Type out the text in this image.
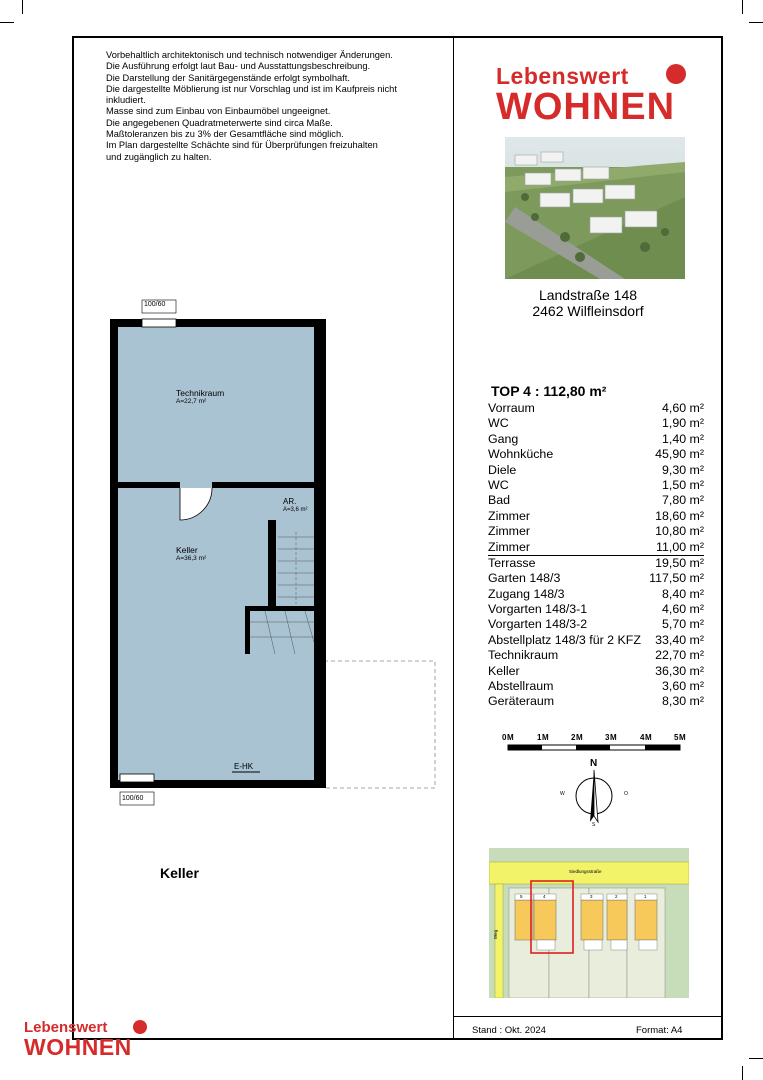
Vorbehaltlich architektonisch und technisch notwendiger Änderungen.
Die Ausführung erfolgt laut Bau- und Ausstattungsbeschreibung.
Die Darstellung der Sanitärgegenstände erfolgt symbolhaft.
Die dargestellte Möblierung ist nur Vorschlag und ist im Kaufpreis nicht
inkludiert.
Masse sind zum Einbau von Einbaumöbel ungeeignet.
Die angegebenen Quadratmeterwerte sind circa Maße.
Maßtoleranzen bis zu 3% der Gesamtfläche sind möglich.
Im Plan dargestellte Schächte sind für Überprüfungen freizuhalten
und zugänglich zu halten.
Lebenswert
WOHNEN
Landstraße 148
2462 Wilfleinsdorf
TOP 4 : 112,80 m²
Vorraum	4,60 m²
WC	1,90 m²
Gang	1,40 m²
Wohnküche	45,90 m²
Diele	9,30 m²
WC	1,50 m²
Bad	7,80 m²
Zimmer	18,60 m²
Zimmer	10,80 m²
Zimmer	11,00 m²
Terrasse	19,50 m²
Garten 148/3	117,50 m²
Zugang 148/3	8,40 m²
Vorgarten 148/3-1	4,60 m²
Vorgarten 148/3-2	5,70 m²
Abstellplatz 148/3 für 2 KFZ 33,40 m²
Technikraum	22,70 m²
Keller	36,30 m²
Abstellraum	3,60 m²
Geräteraum	8,30 m²
0M	1M	2M	3M	4M	5M
N
W	O
S
Siedlungsstraße
Weg
5	4	3	2	1
100/60
100/60
Technikraum
A=22,7 m²
AR.
A=3,6 m²
Keller
A=36,3 m²
E-HK
Keller
Stand : Okt. 2024	Format: A4
Lebenswert
WOHNEN
